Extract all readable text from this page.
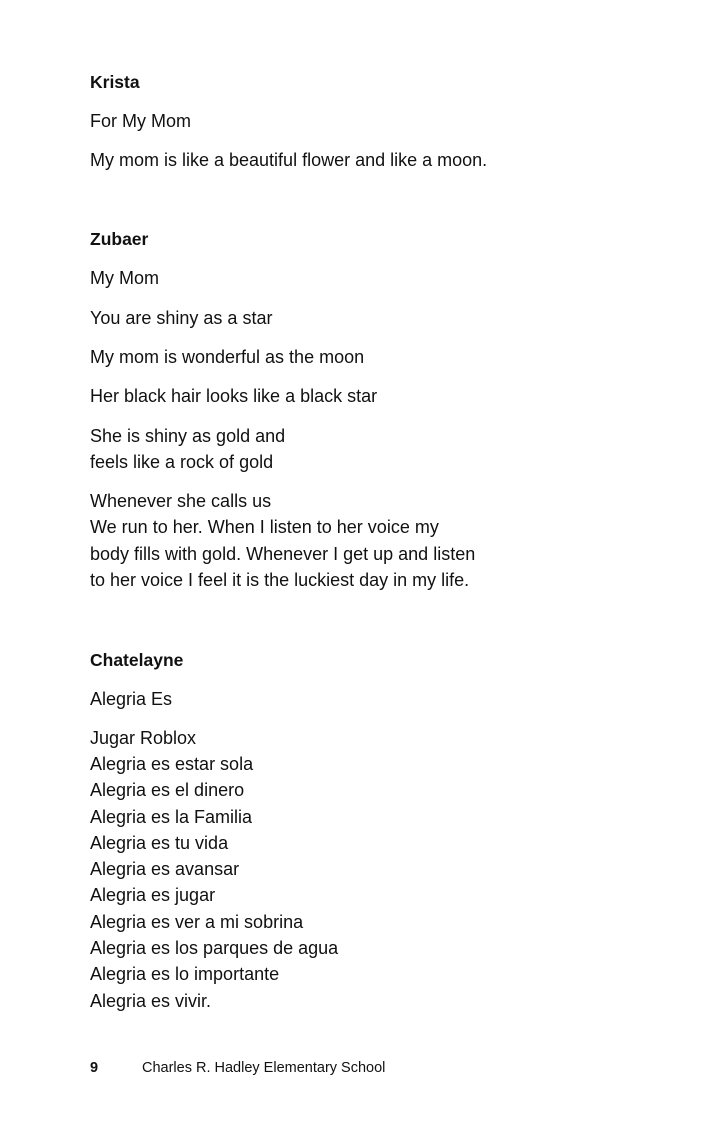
Krista
For My Mom
My mom is like a beautiful flower and like a moon.
Zubaer
My Mom
You are shiny as a star
My mom is wonderful as the moon
Her black hair looks like a black star
She is shiny as gold and
feels like a rock of gold
Whenever she calls us
We run to her. When I listen to her voice my
body fills with gold. Whenever I get up and listen
to her voice I feel it is the luckiest day in my life.
Chatelayne
Alegria Es
Jugar Roblox
Alegria es estar sola
Alegria es el dinero
Alegria es la Familia
Alegria es tu vida
Alegria es avansar
Alegria es jugar
Alegria es ver a mi sobrina
Alegria es los parques de agua
Alegria es lo importante
Alegria es vivir.
9	Charles R. Hadley Elementary School
